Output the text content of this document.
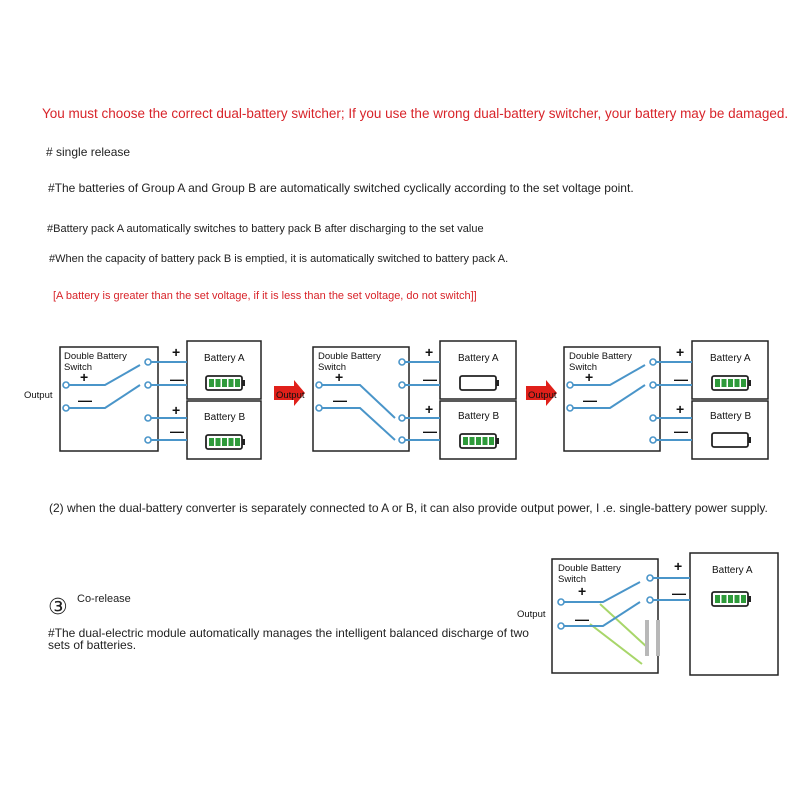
You must choose the correct dual-battery switcher; If you use the wrong dual-battery switcher, your battery may be damaged.
# single release
#The batteries of Group A and Group B are automatically switched cyclically according to the set voltage point.
#Battery pack A automatically switches to battery pack B after discharging to the set value
#When the capacity of battery pack B is emptied, it is automatically switched to battery pack A.
[A battery is greater than the set voltage, if it is less than the set voltage, do not switch]]
Double Battery
Switch
Battery A
Battery B
Output
+
—
+
—
+
—
Double Battery
Switch
Battery A
Battery B
Output
+
—
+
—
+
—
Double Battery
Switch
Battery A
Battery B
Output
+
—
+
—
+
—
Double Battery
Switch
Battery A
Output
+
—
+
—
(2) when the dual-battery converter is separately connected to A or B, it can also provide output power, I .e. single-battery power supply.
③ Co-release
#The dual-electric module automatically manages the intelligent balanced discharge of two
sets of batteries.
